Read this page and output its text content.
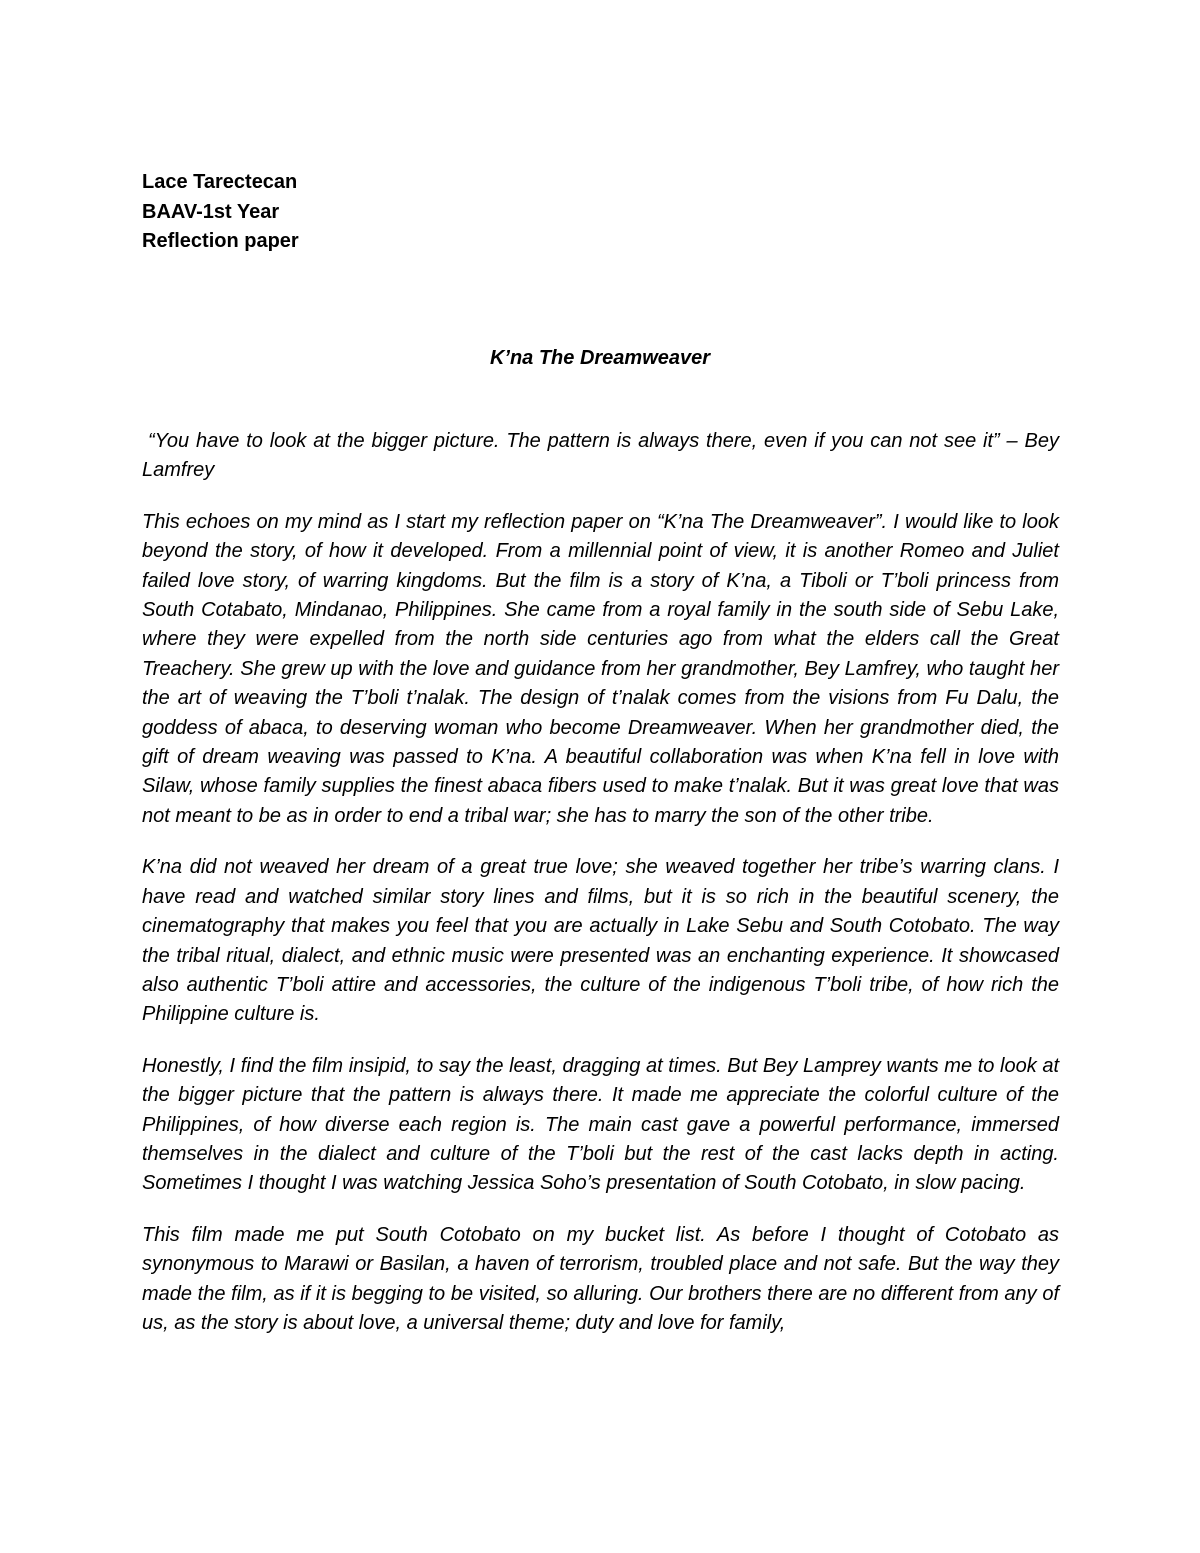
Lace Tarectecan
BAAV-1st Year
Reflection paper
K’na The Dreamweaver

“You have to look at the bigger picture. The pattern is always there, even if you can not see it” – Bey Lamfrey

This echoes on my mind as I start my reflection paper on “K’na The Dreamweaver”. I would like to look beyond the story, of how it developed. From a millennial point of view, it is another Romeo and Juliet failed love story, of warring kingdoms. But the film is a story of K’na, a Tiboli or T’boli princess from South Cotabato, Mindanao, Philippines. She came from a royal family in the south side of Sebu Lake, where they were expelled from the north side centuries ago from what the elders call the Great Treachery. She grew up with the love and guidance from her grandmother, Bey Lamfrey, who taught her the art of weaving the T’boli t’nalak. The design of t’nalak comes from the visions from Fu Dalu, the goddess of abaca, to deserving woman who become Dreamweaver. When her grandmother died, the gift of dream weaving was passed to K’na. A beautiful collaboration was when K’na fell in love with Silaw, whose family supplies the finest abaca fibers used to make t’nalak. But it was great love that was not meant to be as in order to end a tribal war; she has to marry the son of the other tribe.

K’na did not weaved her dream of a great true love; she weaved together her tribe’s warring clans. I have read and watched similar story lines and films, but it is so rich in the beautiful scenery, the cinematography that makes you feel that you are actually in Lake Sebu and South Cotobato. The way the tribal ritual, dialect, and ethnic music were presented was an enchanting experience. It showcased also authentic T’boli attire and accessories, the culture of the indigenous T’boli tribe, of how rich the Philippine culture is.

Honestly, I find the film insipid, to say the least, dragging at times. But Bey Lamprey wants me to look at the bigger picture that the pattern is always there. It made me appreciate the colorful culture of the Philippines, of how diverse each region is. The main cast gave a powerful performance, immersed themselves in the dialect and culture of the T’boli but the rest of the cast lacks depth in acting. Sometimes I thought I was watching Jessica Soho’s presentation of South Cotobato, in slow pacing.

This film made me put South Cotobato on my bucket list. As before I thought of Cotobato as synonymous to Marawi or Basilan, a haven of terrorism, troubled place and not safe. But the way they made the film, as if it is begging to be visited, so alluring. Our brothers there are no different from any of us, as the story is about love, a universal theme; duty and love for family,
